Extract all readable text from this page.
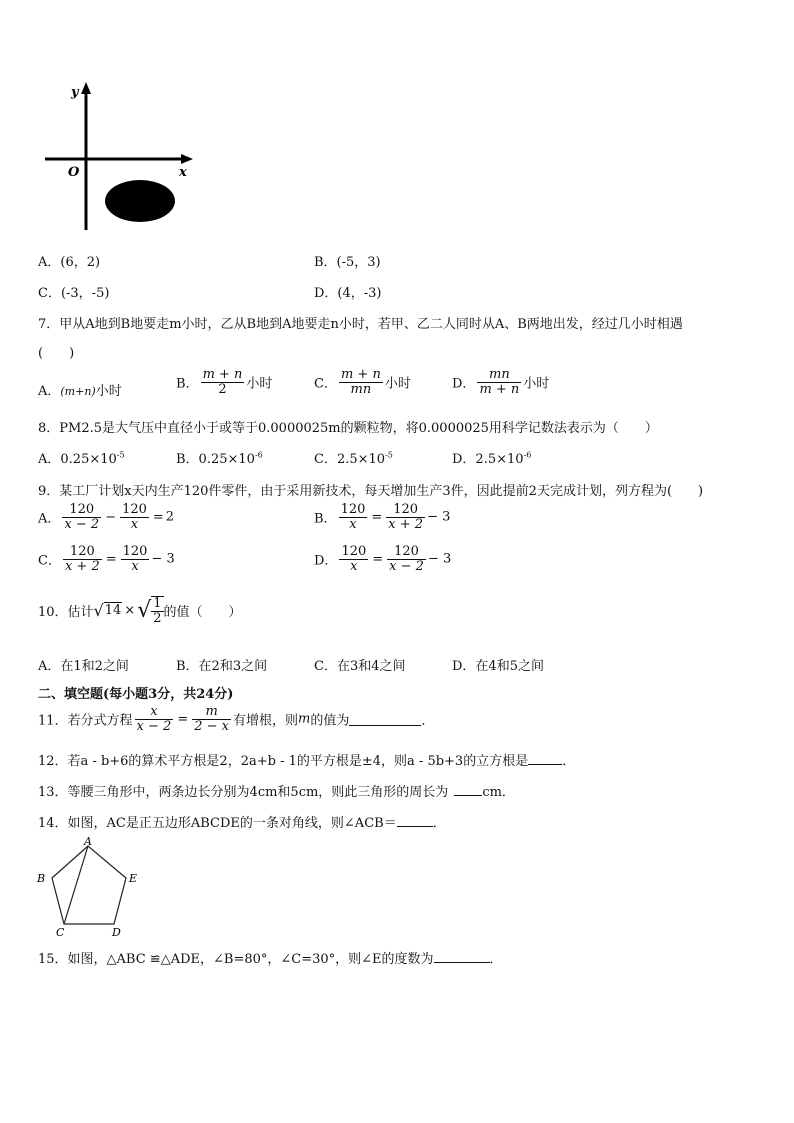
y
x
O
A．(6，2)	B．(-5，3)
C．(-3，-5)	D．(4，-3)
7．甲从A地到B地要走m小时，乙从B地到A地要走n小时，若甲、乙二人同时从A、B两地出发，经过几小时相遇
(　　)
A．(m+n)小时	B． $\frac{m + n}{2}$ 小时	C． $\frac{m + n}{mn}$ 小时	D． $\frac{mn}{m + n}$ 小时
8．PM2.5是大气压中直径小于或等于0.0000025m的颗粒物，将0.0000025用科学记数法表示为（　　）
A．$0.25\times 10^{-5}$	B．$0.25\times 10^{-6}$	C．$2.5\times 10^{-5}$	D．$2.5\times 10^{-6}$
9．某工厂计划x天内生产120件零件，由于采用新技术，每天增加生产3件，因此提前2天完成计划，列方程为(　　)
A． $\frac{120}{x - 2} - \frac{120}{x} = 2$	B． $\frac{120}{x} = \frac{120}{x + 2} - 3$
C． $\frac{120}{x + 2} = \frac{120}{x} - 3$	D． $\frac{120}{x} = \frac{120}{x - 2} - 3$
10．估计√14 ×√ $\frac{1}{2}$ 的值（　　）
A．在1和2之间	B．在2和3之间	C．在3和4之间	D．在4和5之间
二、填空题(每小题3分，共24分)
11．若分式方程 $\frac{x}{x - 2} = \frac{m}{2 - x}$ 有增根，则m的值为	．
12．若a - b+6的算术平方根是2，2a+b - 1的平方根是±4，则a - 5b+3的立方根是	．
13．等腰三角形中，两条边长分别为4cm和5cm，则此三角形的周长为	cm．
14．如图，AC是正五边形ABCDE的一条对角线，则∠ACB＝	．
A
B
C	D
E
15．如图，△ABC ≌△ADE，∠B=80°，∠C=30°，则∠E的度数为	．
